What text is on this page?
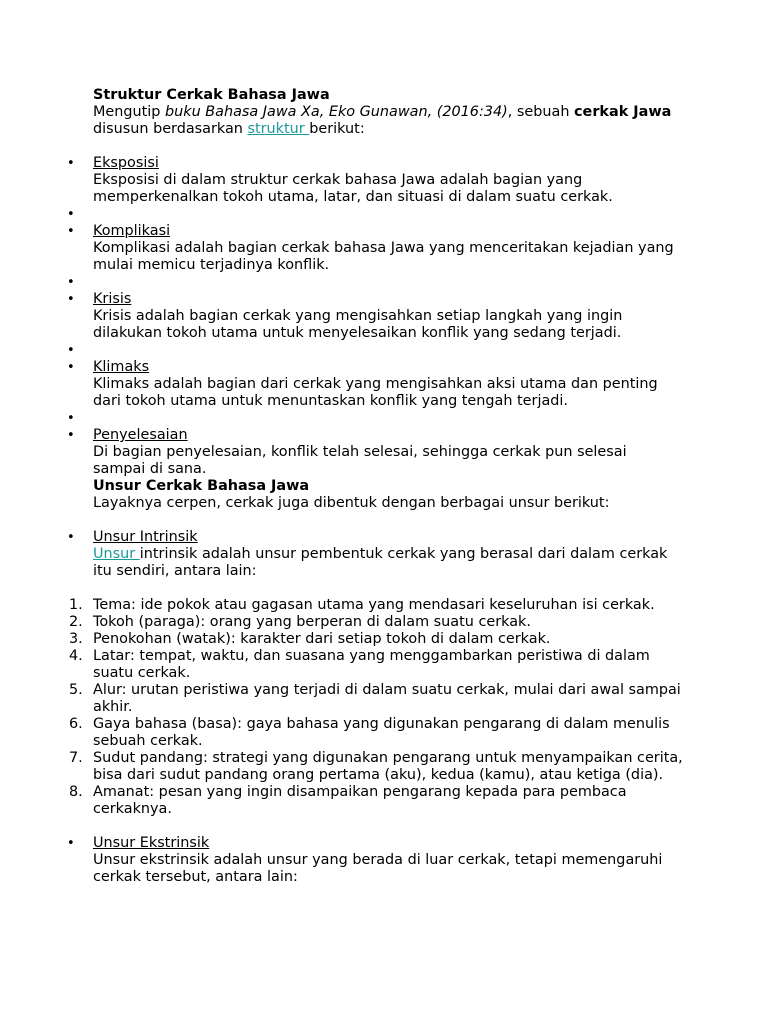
Struktur Cerkak Bahasa Jawa

Mengutip buku Bahasa Jawa Xa, Eko Gunawan, (2016:34), sebuah cerkak Jawa disusun berdasarkan struktur berikut:

• Eksposisi
Eksposisi di dalam struktur cerkak bahasa Jawa adalah bagian yang memperkenalkan tokoh utama, latar, dan situasi di dalam suatu cerkak.
•
• Komplikasi
Komplikasi adalah bagian cerkak bahasa Jawa yang menceritakan kejadian yang mulai memicu terjadinya konflik.
•
• Krisis
Krisis adalah bagian cerkak yang mengisahkan setiap langkah yang ingin dilakukan tokoh utama untuk menyelesaikan konflik yang sedang terjadi.
•
• Klimaks
Klimaks adalah bagian dari cerkak yang mengisahkan aksi utama dan penting dari tokoh utama untuk menuntaskan konflik yang tengah terjadi.
•
• Penyelesaian
Di bagian penyelesaian, konflik telah selesai, sehingga cerkak pun selesai sampai di sana.

Unsur Cerkak Bahasa Jawa

Layaknya cerpen, cerkak juga dibentuk dengan berbagai unsur berikut:

• Unsur Intrinsik
Unsur intrinsik adalah unsur pembentuk cerkak yang berasal dari dalam cerkak itu sendiri, antara lain:
1. Tema: ide pokok atau gagasan utama yang mendasari keseluruhan isi cerkak.
2. Tokoh (paraga): orang yang berperan di dalam suatu cerkak.
3. Penokohan (watak): karakter dari setiap tokoh di dalam cerkak.
4. Latar: tempat, waktu, dan suasana yang menggambarkan peristiwa di dalam suatu cerkak.
5. Alur: urutan peristiwa yang terjadi di dalam suatu cerkak, mulai dari awal sampai akhir.
6. Gaya bahasa (basa): gaya bahasa yang digunakan pengarang di dalam menulis sebuah cerkak.
7. Sudut pandang: strategi yang digunakan pengarang untuk menyampaikan cerita, bisa dari sudut pandang orang pertama (aku), kedua (kamu), atau ketiga (dia).
8. Amanat: pesan yang ingin disampaikan pengarang kepada para pembaca cerkaknya.
• Unsur Ekstrinsik
Unsur ekstrinsik adalah unsur yang berada di luar cerkak, tetapi memengaruhi cerkak tersebut, antara lain:
